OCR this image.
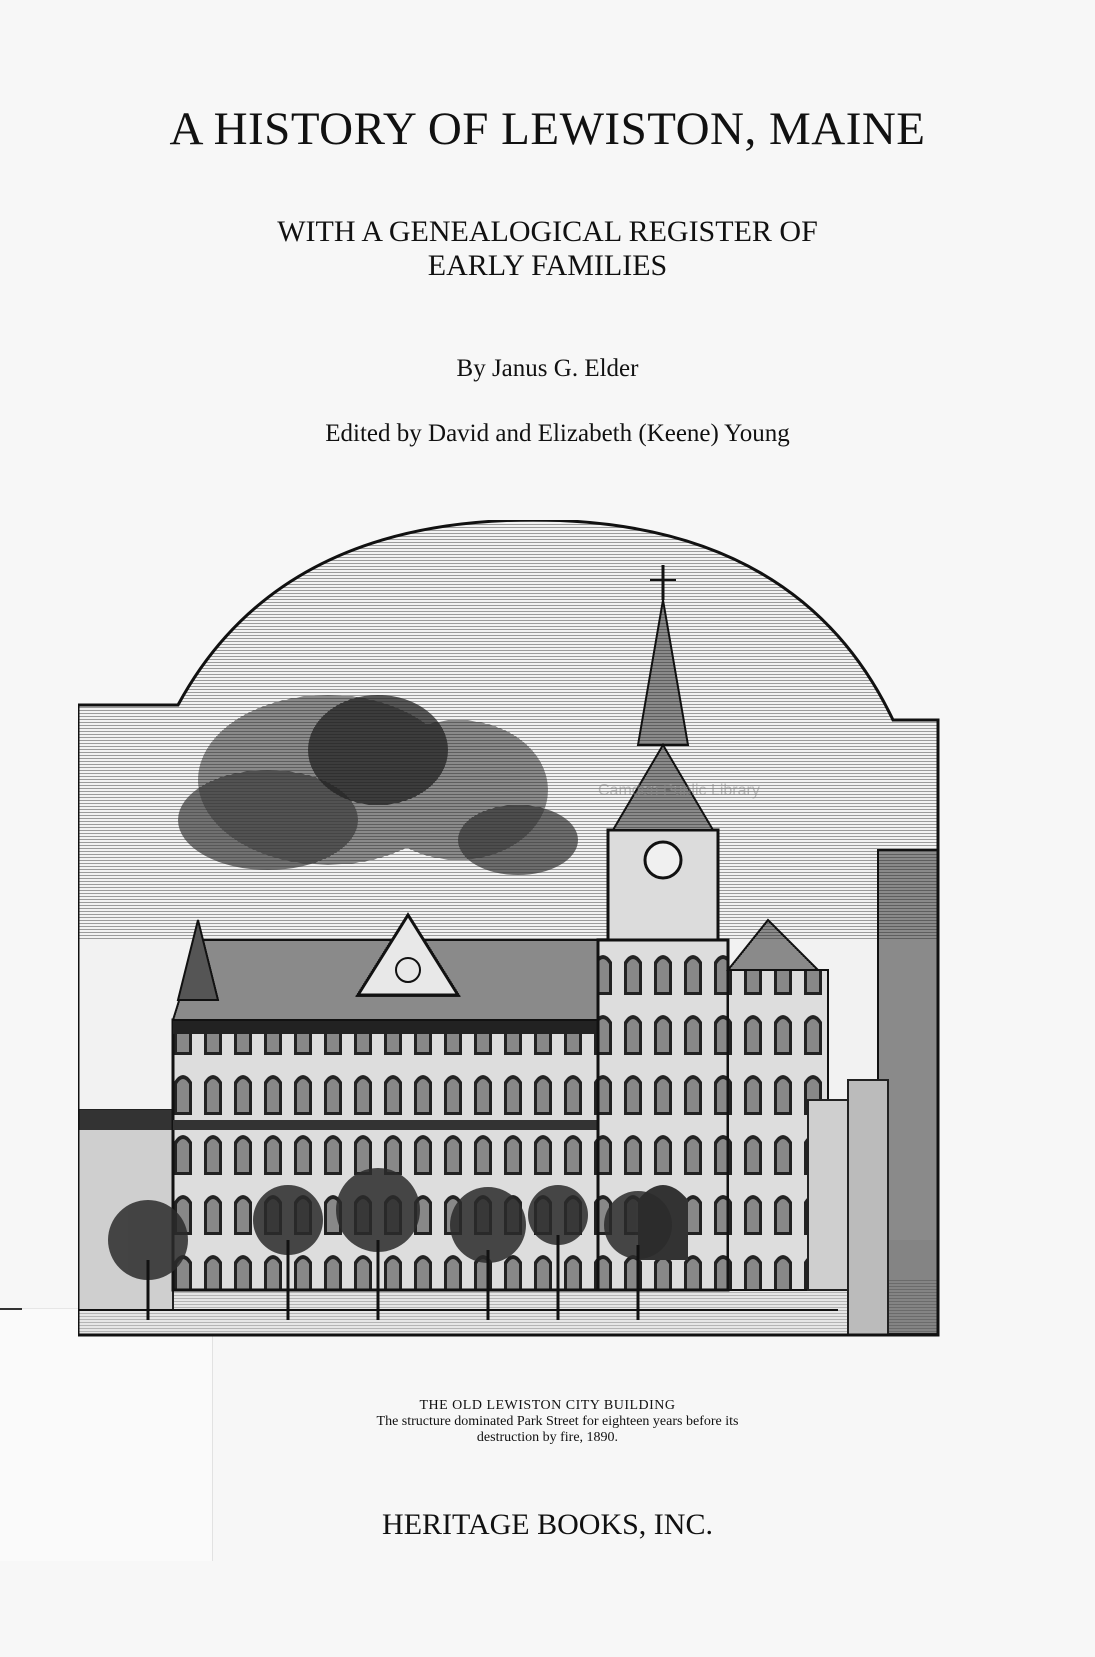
A HISTORY OF LEWISTON, MAINE
WITH A GENEALOGICAL REGISTER OF
EARLY FAMILIES
By Janus G. Elder
Edited by David and Elizabeth (Keene) Young
Camden Public Library
THE OLD LEWISTON CITY BUILDING
The structure dominated Park Street for eighteen years before its
destruction by fire, 1890.
HERITAGE BOOKS, INC.
